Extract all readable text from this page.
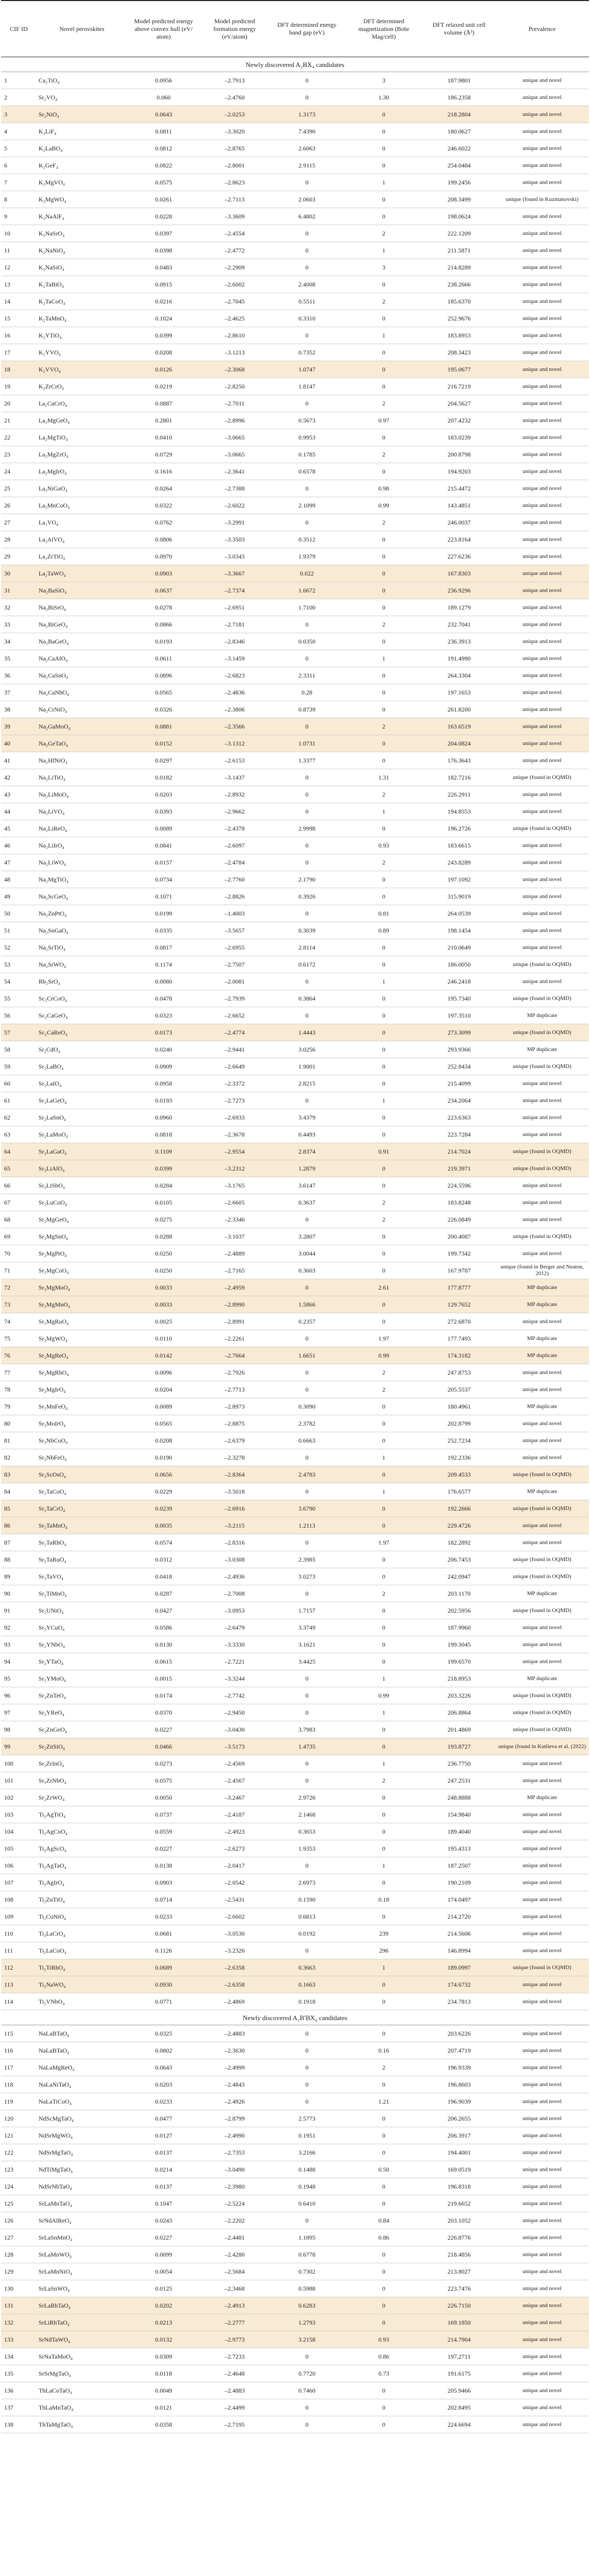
CIF ID	Novel perovskites	Model predicted energy above convex hull (eV/ atom)	Model predicted formation energy (eV/atom)	DFT determined energy band gap (eV)	DFT determined magnetization (Bohr Mag/cell)	DFT relaxed unit cell volume (Å³)	Prevalence
Newly discovered A₂BX₄ candidates							
1	Ca₂TiO₄	0.0956	–2.7913	0	3	187.9801	unique and novel
2	Sr₂VO₄	0.060	–2.4760	0	1.30	186.2358	unique and novel
3	Sr₂NiO₄	0.0643	–2.0253	1.3173	0	218.2804	unique and novel
4	K₂LiF₄	0.0811	–3.3020	7.4390	0	180.0627	unique and novel
5	K₂LaBO₄	0.0812	–2.8765	2.6063	0	246.6022	unique and novel
6	K₂GeF₄	0.0822	–2.8001	2.9115	0	254.0484	unique and novel
7	K₂MgVO₄	0.0575	–2.8623	0	1	199.2456	unique and novel
8	K₂MgWO₄	0.0261	–2.7113	2.0603	0	208.3499	unique (found in Kuzmanovski)
9	K₂NaAlF₄	0.0228	–3.3609	6.4802	0	198.0624	unique and novel
10	K₂NaSrO₄	0.0397	–2.4554	0	2	222.1209	unique and novel
11	K₂NaNiO₄	0.0398	–2.4772	0	1	211.5871	unique and novel
12	K₂NaSiO₄	0.0483	–2.2909	0	3	214.8289	unique and novel
13	K₂TaBiO₄	0.0915	–2.6002	2.4008	0	238.2666	unique and novel
14	K₂TaCoO₄	0.0216	–2.7045	0.5511	2	185.6370	unique and novel
15	K₂TaMnO₄	0.1024	–2.4625	0.3310	0	252.9676	unique and novel
16	K₂YTiO₄	0.0399	–2.8610	0	1	183.8953	unique and novel
17	K₂YVO₄	0.0208	–3.1213	0.7352	0	208.3423	unique and novel
18	K₂VVO₄	0.0126	–2.3068	1.0747	0	195.0677	unique and novel
19	K₂ZrCrO₄	0.0219	–2.8250	1.8147	0	216.7219	unique and novel
20	La₂CaCrO₄	0.0887	–2.7011	0	2	204.5627	unique and novel
21	La₂MgGeO₄	0.2801	–2.8996	0.5673	0.97	207.4232	unique and novel
22	La₂MgTiO₄	0.0410	–3.0665	0.9953	0	183.0239	unique and novel
23	La₂MgZrO₄	0.0729	–3.0665	0.1785	2	200.8798	unique and novel
24	La₂MgIrO₄	0.1616	–2.3641	0.6578	0	194.9203	unique and novel
25	La₂NiGaO₄	0.0264	–2.7388	0	0.98	215.4472	unique and novel
26	La₂MnCoO₄	0.0322	–2.6022	2.1099	0.99	143.4851	unique and novel
27	La₂VO₄	0.0762	–3.2991	0	2	246.0037	unique and novel
28	La₂AlVO₄	0.0806	–3.3503	0.3512	0	223.8164	unique and novel
29	La₂ZrTiO₄	0.0970	–3.0343	1.9379	0	227.6236	unique and novel
30	La₂TaWO₄	0.0903	–3.3667	0.022	0	167.8303	unique and novel
31	Na₂BaSiO₄	0.0637	–2.7374	1.6672	0	236.9296	unique and novel
32	Na₂BiSrO₄	0.0278	–2.6951	1.7100	0	189.1279	unique and novel
33	Na₂BiGeO₄	0.0866	–2.7181	0	2	232.7041	unique and novel
34	Na₂BaGeO₄	0.0193	–2.8346	0.0350	0	236.3913	unique and novel
35	Na₂CaAlO₄	0.0611	–3.1459	0	1	191.4990	unique and novel
36	Na₂CaSnO₄	0.0896	–2.6823	2.3311	0	264.3304	unique and novel
37	Na₂CaNbO₄	0.0565	–2.4836	0.28	0	197.1653	unique and novel
38	Na₂CrNiO₄	0.0326	–2.3806	0.8739	0	261.8200	unique and novel
39	Na₂GaMoO₄	0.0881	–2.3566	0	2	163.6519	unique and novel
40	Na₂GeTaO₄	0.0152	–3.1312	1.0731	0	204.0824	unique and novel
41	Na₂HfNiO₄	0.0297	–2.6153	1.3377	0	176.3643	unique and novel
42	Na₂LiTiO₄	0.0182	–3.1437	0	1.31	182.7216	unique (found in OQMD)
43	Na₂LiMoO₄	0.0203	–2.8932	0	2	226.2911	unique and novel
44	Na₂LiVO₄	0.0393	–2.9662	0	1	194.8553	unique and novel
45	Na₂LiReO₄	0.0089	–2.4378	2.9998	0	196.2726	unique (found in OQMD)
46	Na₂LiIrO₄	0.0841	–2.6097	0	0.93	183.6615	unique and novel
47	Na₂LiWO₄	0.0157	–2.4784	0	2	243.8289	unique and novel
48	Na₂MgTiO₄	0.0734	–2.7760	2.1790	0	197.1092	unique and novel
49	Na₂ScGeO₄	0.1071	–2.8826	0.3926	0	315.9019	unique and novel
50	Na₂ZnPtO₄	0.0199	–1.4003	0	0.81	264.0539	unique and novel
51	Na₂SnGaO₄	0.0335	–3.5657	0.3039	0.89	198.1454	unique and novel
52	Na₂SrTiO₄	0.0817	–2.6955	2.8114	0	210.0649	unique and novel
53	Na₂SrWO₄	0.1174	–2.7507	0.6172	0	186.0050	unique (found in OQMD)
54	Rb₂SrO₄	0.0080	–2.0081	0	1	246.2418	unique and novel
55	Sc₂CrCoO₄	0.0478	–2.7939	0.3864	0	195.7340	unique (found in OQMD)
56	Sc₂CaGeO₄	0.0323	–2.6652	0	0	197.3510	MP duplicate
57	Sc₂CaReO₄	0.0173	–2.4774	1.4443	0	273.3099	unique (found in OQMD)
58	Sr₂CdO₄	0.0240	–2.9441	3.0256	0	293.9366	MP duplicate
59	Sr₂LaBO₄	0.0909	–2.6649	1.9001	0	252.8434	unique (found in OQMD)
60	Sr₂LaIO₄	0.0958	–2.3372	2.8215	0	215.4099	unique and novel
61	Sr₂LaGeO₄	0.0193	–2.7273	0	1	234.2064	unique and novel
62	Sr₂LaSnO₄	0.0960	–2.6933	3.4379	0	223.6363	unique and novel
63	Sr₂LaMoO₄	0.0818	–2.3678	0.4493	0	223.7284	unique and novel
64	Sr₂LaGaO₄	0.1109	–2.9554	2.8374	0.91	214.7024	unique (found in OQMD)
65	Sr₂LiAlO₄	0.0399	–3.2312	1.2879	0	219.3971	unique (found in OQMD)
66	Sr₂LiSbO₄	0.0284	–3.1765	3.6147	0	224.5596	unique and novel
67	Sr₂LuCoO₄	0.0105	–2.6605	0.3637	2	183.8248	unique and novel
68	Sr₂MgGeO₄	0.0275	–2.3346	0	2	226.0849	unique and novel
69	Sr₂MgSnO₄	0.0288	–3.1037	3.2807	0	200.4087	unique (found in OQMD)
70	Sr₂MgPtO₄	0.0250	–2.4889	3.0044	0	199.7342	unique and novel
71	Sr₂MgCoO₄	0.0250	–2.7165	0.3603	0	167.9787	unique (found in Berger and Neaton, 2012)
72	Sr₂MgMoO₄	0.0033	–2.4959	0	2.61	177.8777	MP duplicate
73	Sr₂MgMnO₄	0.0033	–2.8990	1.5866	0	129.7652	MP duplicate
74	Sr₂MgRuO₄	0.0025	–2.8991	0.2357	0	272.6870	unique and novel
75	Sr₂MgWO₄	0.0110	–2.2261	0	1.97	177.7493	MP duplicate
76	Sr₂MgReO₄	0.0142	–2.7664	1.6651	0.99	174.3182	MP duplicate
77	Sr₂MgRhO₄	0.0096	–2.7926	0	2	247.8753	unique and novel
78	Sr₂MgIrO₄	0.0204	–2.7713	0	2	205.5537	unique and novel
79	Sr₂MnFeO₄	0.0089	–2.8973	0.3090	0	180.4961	MP duplicate
80	Sr₂MoIrO₄	0.0565	–2.8875	2.3782	0	202.8799	unique and novel
81	Sr₂NbCoO₄	0.0208	–2.6379	0.6663	0	252.7234	unique and novel
82	Sr₂NbFeO₄	0.0190	–2.3278	0	1	192.2336	unique and novel
83	Sr₂ScOsO₄	0.0656	–2.8364	2.4783	0	209.4533	unique (found in OQMD)
84	Sr₂TaCoO₄	0.0229	–3.5018	0	1	176.6577	MP duplicate
85	Sr₂TaCrO₄	0.0239	–2.6916	3.6790	0	192.2666	unique (found in OQMD)
86	Sr₂TaMnO₄	0.0035	–3.2115	1.2113	0	229.4726	unique and novel
87	Sr₂TaRhO₄	0.0574	–2.8316	0	1.97	182.2892	unique and novel
88	Sr₂TaRuO₄	0.0312	–3.0308	2.3985	0	206.7453	unique (found in OQMD)
89	Sr₂TaVO₄	0.0418	–2.4936	3.0273	0	242.0947	unique (found in OQMD)
90	Sr₂TiMnO₄	0.0287	–2.7008	0	2	203.1170	MP duplicate
91	Sr₂UNiO₄	0.0427	–3.0953	1.7157	0	202.5956	unique (found in OQMD)
92	Sr₂YCuO₄	0.0586	–2.6479	3.3749	0	187.9960	unique and novel
93	Sr₂YNbO₄	0.0130	–3.3330	3.1621	0	199.3045	unique and novel
94	Sr₂YTaO₄	0.0615	–2.7221	3.4425	0	199.6570	unique and novel
95	Sr₂YMoO₄	0.0015	–3.3244	0	1	218.8953	MP duplicate
96	Sr₂ZnTeO₄	0.0174	–2.7742	0	0.99	203.3226	unique (found in OQMD)
97	Sr₂YReO₄	0.0370	–2.9450	0	1	206.8864	unique (found in OQMD)
98	Sr₂ZnGeO₄	0.0227	–3.0430	3.7983	0	201.4869	unique (found in OQMD)
99	Sr₂ZnSiO₄	0.0466	–3.5173	1.4735	0	193.8727	unique (found in Kutlieva et al. (2022)
100	Sr₂ZrInO₄	0.0273	–2.4569	0	1	236.7750	unique and novel
101	Sr₂ZrNbO₄	0.0575	–2.4567	0	2	247.2531	unique and novel
102	Sr₂ZrWO₄	0.0050	–3.2467	2.9726	0	248.8888	MP duplicate
103	Ti₂AgTiO₄	0.0737	–2.4187	2.1468	0	154.9840	unique and novel
104	Ti₂AgCoO₄	0.0559	–2.4923	0.3653	0	189.4040	unique and novel
105	Ti₂AgScO₄	0.0227	–2.6273	1.9353	0	195.4313	unique and novel
106	Ti₂AgTaO₄	0.0138	–2.0417	0	1	187.2507	unique and novel
107	Ti₂AgIrO₄	0.0903	–2.0542	2.6973	0	190.2109	unique and novel
108	Ti₂ZnTiO₄	0.0714	–2.5431	0.1590	0.18	174.0497	unique and novel
109	Ti₂CoNiO₄	0.0233	–2.6602	0.6813	0	214.2720	unique and novel
110	Ti₂LaCrO₄	0.0681	–3.0530	0.0192	239	214.5606	unique and novel
111	Ti₂LaCoO₄	0.1126	–3.2326	0	296	146.8994	unique and novel
112	Ti₂TiRhO₄	0.0689	–2.6358	0.3663	1	189.0997	unique (found in OQMD)
113	Ti₂NaWO₄	0.0930	–2.6358	0.1663	0	174.6732	unique and novel
114	Ti₂VNbO₄	0.0771	–2.4869	0.1918	0	234.7813	unique and novel
Newly discovered A₂B′BX₄ candidates							
115	NaLaBTaO₄	0.0325	–2.4883	0	0	203.6226	unique and novel
116	NaLaBTaO₄	0.0802	–2.3630	0	0.16	207.4719	unique and novel
117	NaLaMgReO₄	0.0643	–2.4999	0	2	196.9339	unique and novel
118	NaLaNiTaO₄	0.0203	–2.4843	0	0	196.8603	unique and novel
119	NaLaTiCoO₄	0.0233	–2.4926	0	1.21	196.9039	unique and novel
120	NdScMgTaO₄	0.0477	–2.8799	2.5773	0	206.2655	unique and novel
121	NdSrMgWO₄	0.0127	–2.4990	0.1951	0	206.3917	unique and novel
122	NdSrMgTaO₄	0.0137	–2.7353	3.2166	0	194.4001	unique and novel
123	NdTiMgTaO₄	0.0214	–3.0490	0.1488	0.50	169.0519	unique and novel
124	NdSrNbTaO₄	0.0137	–2.3980	0.1948	0	196.8318	unique and novel
125	SrLaMnTaO₄	0.1047	–2.5224	0.6410	0	219.6652	unique and novel
126	SrNdAlReO₄	0.0243	–2.2202	0	0.84	203.1052	unique and novel
127	SrLaSnMnO₄	0.0227	–2.4481	1.1895	0.86	226.8776	unique and novel
128	SrLaMnWO₄	0.0099	–2.4280	0.6778	0	218.4856	unique and novel
129	SrLaMnNiO₄	0.0054	–2.5684	0.7302	0	213.8027	unique and novel
130	SrLaSnWO₄	0.0125	–2.3468	0.5988	0	223.7476	unique and novel
131	SrLaRhTaO₄	0.0202	–2.4913	0.6283	0	226.7150	unique and novel
132	SrLiRhTaO₄	0.0213	–2.2777	1.2793	0	169.1850	unique and novel
133	SrNdTaWO₄	0.0132	–2.9773	3.2158	0.93	214.7904	unique and novel
134	SrNaTaMoO₄	0.0309	–2.7233	0	0.86	197.2711	unique and novel
135	SrSrMgTaO₄	0.0118	–2.4648	0.7720	0.73	191.6175	unique and novel
136	ThLaCoTaO₄	0.0049	–2.4883	0.7460	0	205.9466	unique and novel
137	ThLaMnTaO₄	0.0121	–2.4499	0	0	202.8495	unique and novel
138	ThTaMgTaO₄	0.0358	–2.7195	0	0	224.6694	unique and novel
